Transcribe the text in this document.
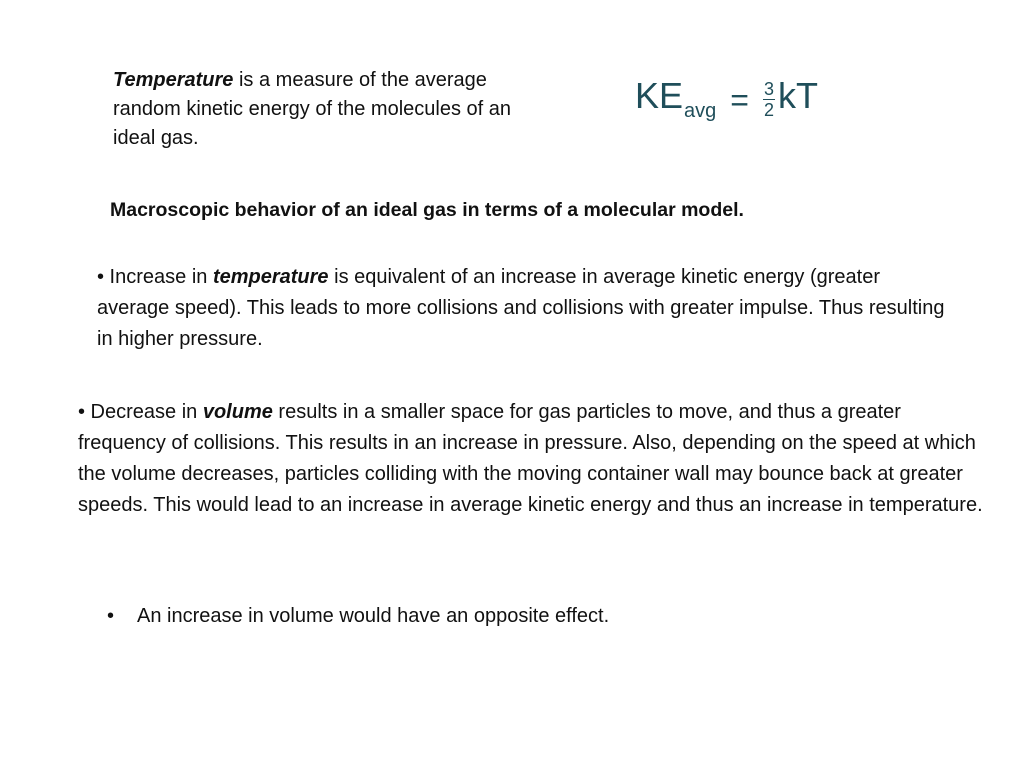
Temperature is a measure of the average random kinetic energy of the molecules of an ideal gas.
KE avg = $\frac{3}{2}$ kT
Macroscopic behavior of an ideal gas in terms of a molecular model.
• Increase in temperature is equivalent of an increase in average kinetic energy (greater average speed). This leads to more collisions and collisions with greater impulse. Thus resulting in higher pressure.
• Decrease in volume results in a smaller space for gas particles to move, and thus a greater frequency of collisions. This results in an increase in pressure. Also, depending on the speed at which the volume decreases, particles colliding with the moving container wall may bounce back at greater speeds. This would lead to an increase in average kinetic energy and thus an increase in temperature.
• An increase in volume would have an opposite effect.
